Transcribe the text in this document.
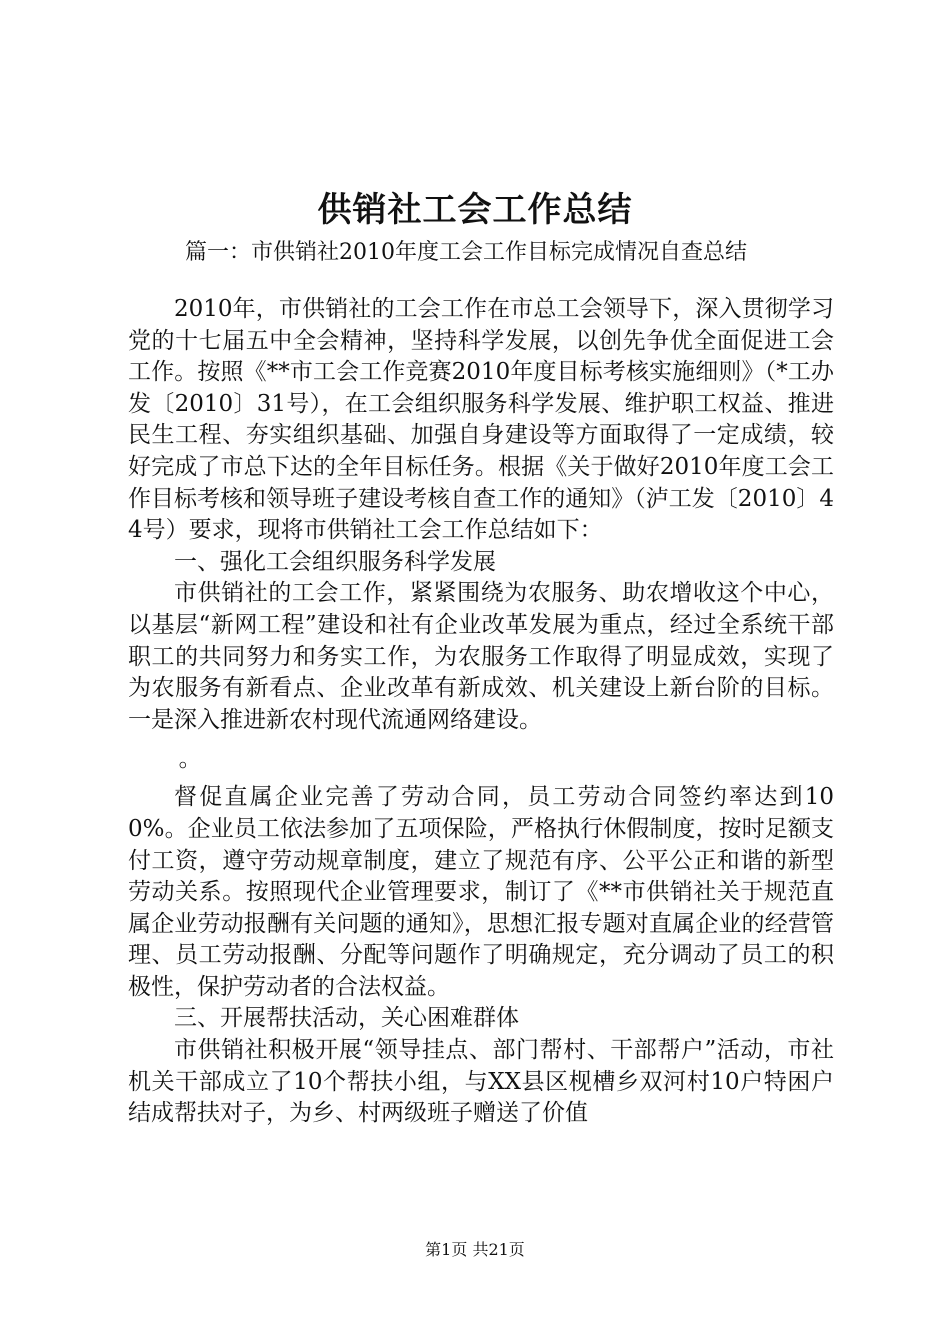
供销社工会工作总结

篇一：市供销社2010年度工会工作目标完成情况自查总结

2010年，市供销社的工会工作在市总工会领导下，深入贯彻学习党的十七届五中全会精神，坚持科学发展，以创先争优全面促进工会工作。按照《**市工会工作竞赛2010年度目标考核实施细则》（*工办发〔2010〕31号），在工会组织服务科学发展、维护职工权益、推进民生工程、夯实组织基础、加强自身建设等方面取得了一定成绩，较好完成了市总下达的全年目标任务。根据《关于做好2010年度工会工作目标考核和领导班子建设考核自查工作的通知》（泸工发〔2010〕44号）要求，现将市供销社工会工作总结如下：

一、强化工会组织服务科学发展

市供销社的工会工作，紧紧围绕为农服务、助农增收这个中心，以基层“新网工程”建设和社有企业改革发展为重点，经过全系统干部职工的共同努力和务实工作，为农服务工作取得了明显成效，实现了为农服务有新看点、企业改革有新成效、机关建设上新台阶的目标。一是深入推进新农村现代流通网络建设。

。

督促直属企业完善了劳动合同，员工劳动合同签约率达到100%。企业员工依法参加了五项保险，严格执行休假制度，按时足额支付工资，遵守劳动规章制度，建立了规范有序、公平公正和谐的新型劳动关系。按照现代企业管理要求，制订了《**市供销社关于规范直属企业劳动报酬有关问题的通知》，思想汇报专题对直属企业的经营管理、员工劳动报酬、分配等问题作了明确规定，充分调动了员工的积极性，保护劳动者的合法权益。

三、开展帮扶活动，关心困难群体

市供销社积极开展“领导挂点、部门帮村、干部帮户”活动，市社机关干部成立了10个帮扶小组，与XX县区枧槽乡双河村10户特困户结成帮扶对子，为乡、村两级班子赠送了价值

第1页 共21页
